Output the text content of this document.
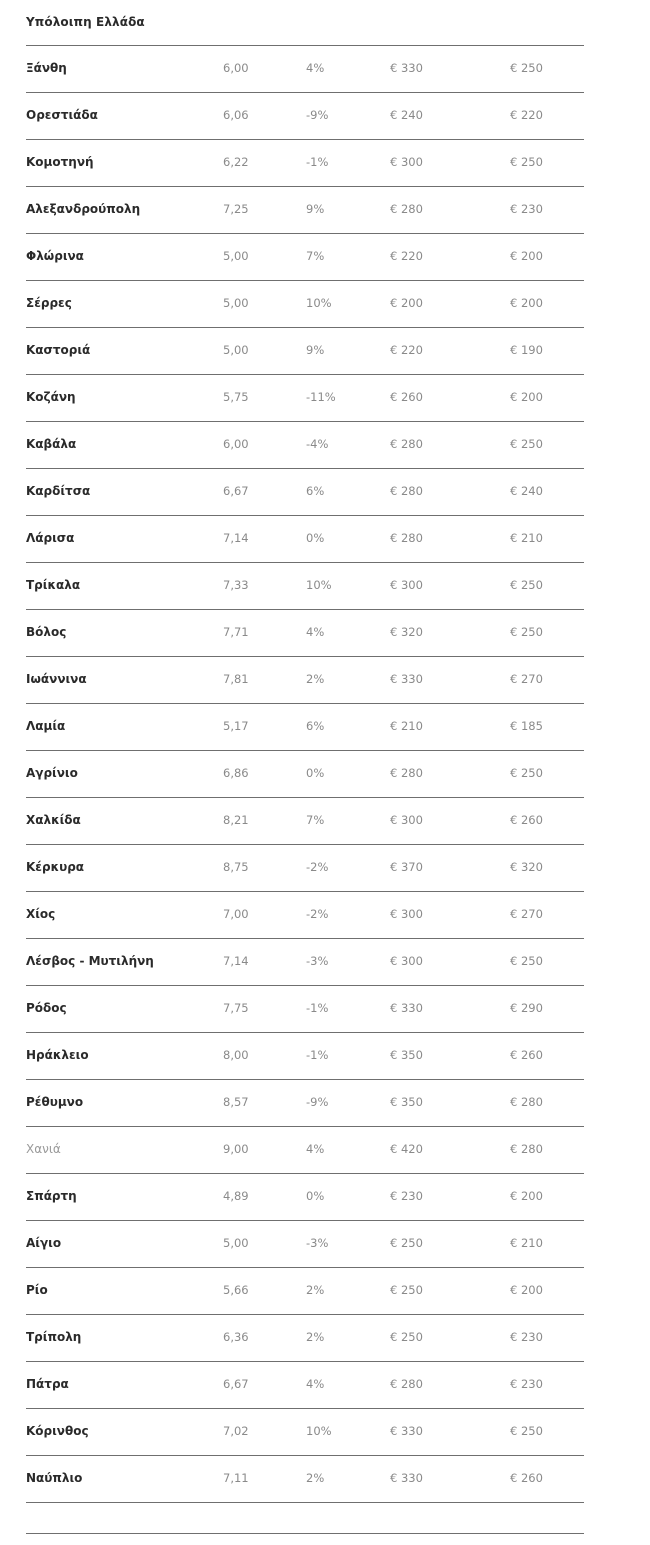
Υπόλοιπη Ελλάδα
Ξάνθη	6,00	4%	€ 330	€ 250
Ορεστιάδα	6,06	-9%	€ 240	€ 220
Κομοτηνή	6,22	-1%	€ 300	€ 250
Αλεξανδρούπολη	7,25	9%	€ 280	€ 230
Φλώρινα	5,00	7%	€ 220	€ 200
Σέρρες	5,00	10%	€ 200	€ 200
Καστοριά	5,00	9%	€ 220	€ 190
Κοζάνη	5,75	-11%	€ 260	€ 200
Καβάλα	6,00	-4%	€ 280	€ 250
Καρδίτσα	6,67	6%	€ 280	€ 240
Λάρισα	7,14	0%	€ 280	€ 210
Τρίκαλα	7,33	10%	€ 300	€ 250
Βόλος	7,71	4%	€ 320	€ 250
Ιωάννινα	7,81	2%	€ 330	€ 270
Λαμία	5,17	6%	€ 210	€ 185
Αγρίνιο	6,86	0%	€ 280	€ 250
Χαλκίδα	8,21	7%	€ 300	€ 260
Κέρκυρα	8,75	-2%	€ 370	€ 320
Χίος	7,00	-2%	€ 300	€ 270
Λέσβος - Μυτιλήνη	7,14	-3%	€ 300	€ 250
Ρόδος	7,75	-1%	€ 330	€ 290
Ηράκλειο	8,00	-1%	€ 350	€ 260
Ρέθυμνο	8,57	-9%	€ 350	€ 280
Χανιά	9,00	4%	€ 420	€ 280
Σπάρτη	4,89	0%	€ 230	€ 200
Αίγιο	5,00	-3%	€ 250	€ 210
Ρίο	5,66	2%	€ 250	€ 200
Τρίπολη	6,36	2%	€ 250	€ 230
Πάτρα	6,67	4%	€ 280	€ 230
Κόρινθος	7,02	10%	€ 330	€ 250
Ναύπλιο	7,11	2%	€ 330	€ 260
